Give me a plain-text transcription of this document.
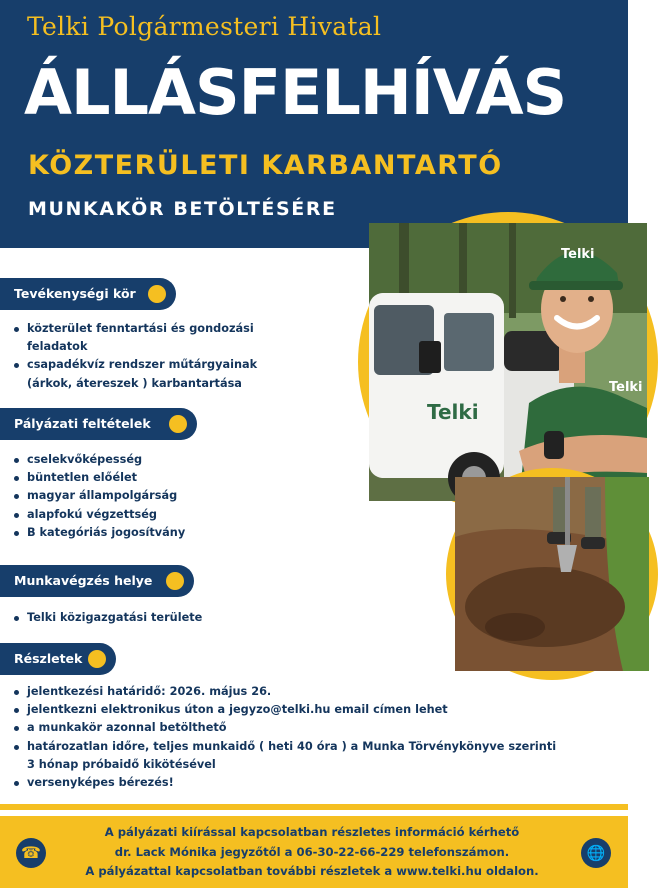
Telki Polgármesteri Hivatal
ÁLLÁSFELHÍVÁS
KÖZTERÜLETI KARBANTARTÓ
MUNKAKÖR BETÖLTÉSÉRE
Telki
Telki
Telki
Tevékenységi kör
közterület fenntartási és gondozási
feladatok
csapadékvíz rendszer műtárgyainak
(árkok, átereszek ) karbantartása
Pályázati feltételek
cselekvőképesség
büntetlen előélet
magyar állampolgárság
alapfokú végzettség
B kategóriás jogosítvány
Munkavégzés helye
Telki közigazgatási területe
Részletek
jelentkezési határidő: 2026. május 26.
jelentkezni elektronikus úton a jegyzo@telki.hu email címen lehet
a munkakör azonnal betölthető
határozatlan időre, teljes munkaidő ( heti 40 óra ) a Munka Törvénykönyve szerinti
3 hónap próbaidő kikötésével
versenyképes bérezés!
☎
A pályázati kiírással kapcsolatban részletes információ kérhető
dr. Lack Mónika jegyzőtől a 06-30-22-66-229 telefonszámon.
A pályázattal kapcsolatban további részletek a www.telki.hu oldalon.
🌐
